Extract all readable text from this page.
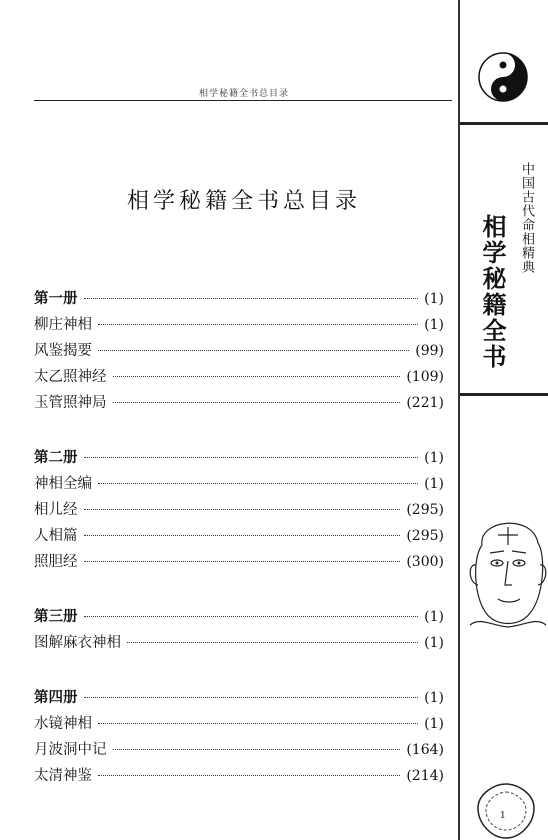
相学秘籍全书总目录
相学秘籍全书总目录
第一册	(1)
柳庄神相	(1)
风鉴揭要	(99)
太乙照神经	(109)
玉管照神局	(221)
第二册	(1)
神相全编	(1)
相儿经	(295)
人相篇	(295)
照胆经	(300)
第三册	(1)
图解麻衣神相	(1)
第四册	(1)
水镜神相	(1)
月波洞中记	(164)
太清神鉴	(214)
中国古代命相精典
相学秘籍全书
1
